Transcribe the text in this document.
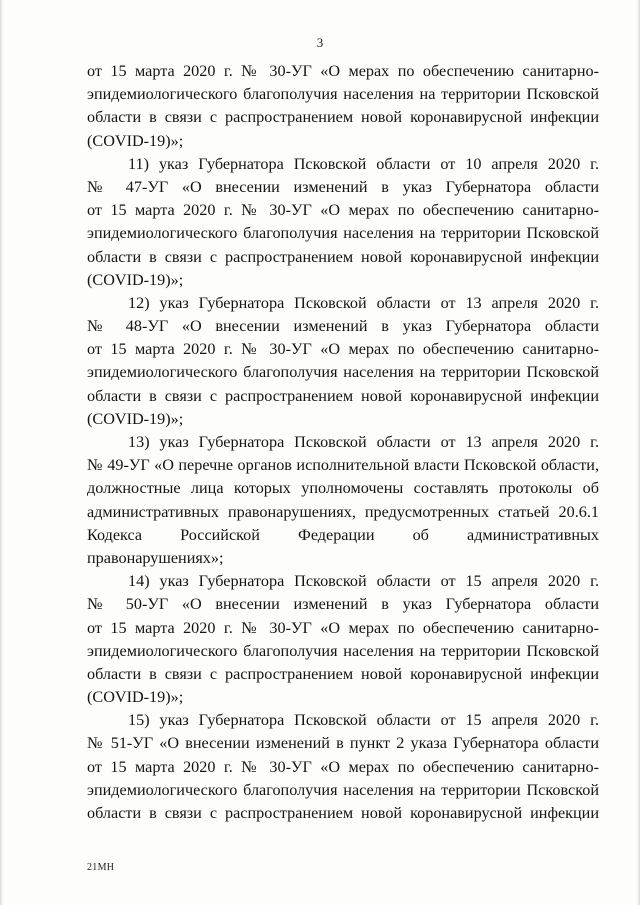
3
от 15 марта 2020 г. № 30-УГ «О мерах по обеспечению санитарно-
эпидемиологического благополучия населения на территории Псковской
области в связи с распространением новой коронавирусной инфекции
(COVID-19)»;
11) указ Губернатора Псковской области от 10 апреля 2020 г.
№ 47-УГ «О внесении изменений в указ Губернатора области
от 15 марта 2020 г. № 30-УГ «О мерах по обеспечению санитарно-
эпидемиологического благополучия населения на территории Псковской
области в связи с распространением новой коронавирусной инфекции
(COVID-19)»;
12) указ Губернатора Псковской области от 13 апреля 2020 г.
№ 48-УГ «О внесении изменений в указ Губернатора области
от 15 марта 2020 г. № 30-УГ «О мерах по обеспечению санитарно-
эпидемиологического благополучия населения на территории Псковской
области в связи с распространением новой коронавирусной инфекции
(COVID-19)»;
13) указ Губернатора Псковской области от 13 апреля 2020 г.
№ 49-УГ «О перечне органов исполнительной власти Псковской области,
должностные лица которых уполномочены составлять протоколы об
административных правонарушениях, предусмотренных статьей 20.6.1
Кодекса Российской Федерации об административных
правонарушениях»;
14) указ Губернатора Псковской области от 15 апреля 2020 г.
№ 50-УГ «О внесении изменений в указ Губернатора области
от 15 марта 2020 г. № 30-УГ «О мерах по обеспечению санитарно-
эпидемиологического благополучия населения на территории Псковской
области в связи с распространением новой коронавирусной инфекции
(COVID-19)»;
15) указ Губернатора Псковской области от 15 апреля 2020 г.
№ 51-УГ «О внесении изменений в пункт 2 указа Губернатора области
от 15 марта 2020 г. № 30-УГ «О мерах по обеспечению санитарно-
эпидемиологического благополучия населения на территории Псковской
области в связи с распространением новой коронавирусной инфекции
21МН
